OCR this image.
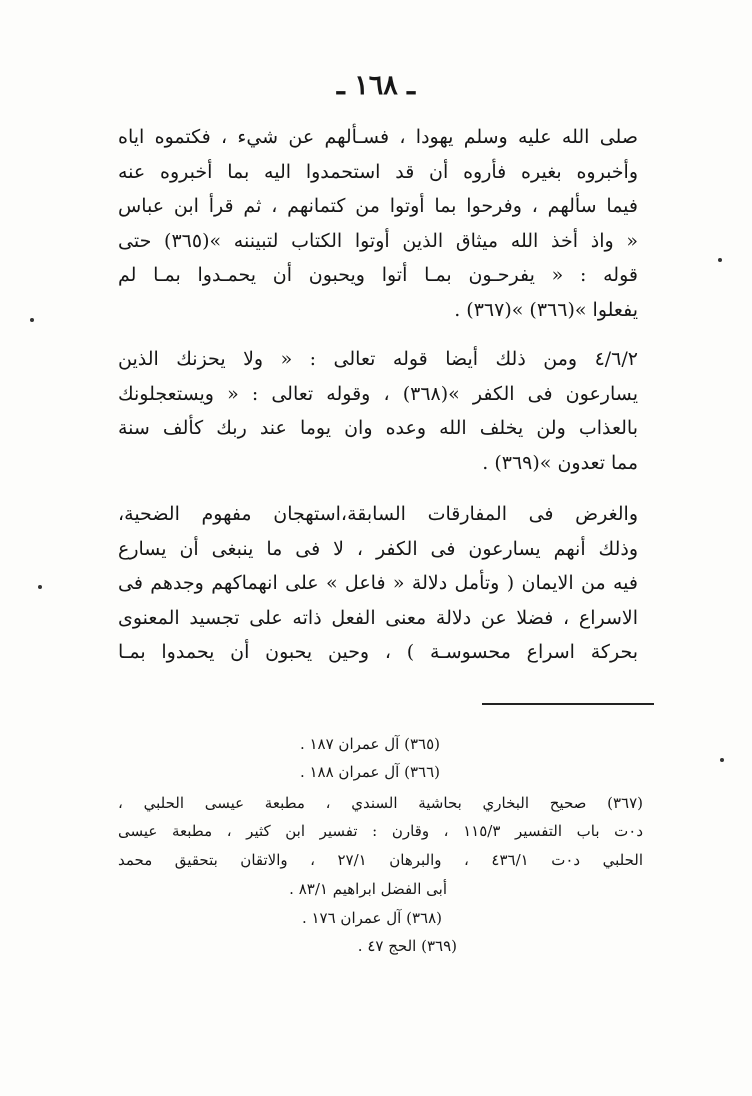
ـ ١٦٨ ـ
صلى الله عليه وسلم يهودا ، فسـألهم عن شيء ، فكتموه اياه
وأخبروه بغيره فأروه أن قد استحمدوا اليه بما أخبروه عنه
فيما سألهم ، وفرحوا بما أوتوا من كتمانهم ، ثم قرأ ابن عباس
« واذ أخذ الله ميثاق الذين أوتوا الكتاب لتبيننه »(٣٦٥) حتى
قوله : « يفرحـون بمـا أتوا ويحبون أن يحمـدوا بمـا لم
يفعلوا »(٣٦٦) »(٣٦٧) .
٤/٦/٢ ومن ذلك أيضا قوله تعالى : « ولا يحزنك الذين
يسارعون فى الكفر »(٣٦٨) ، وقوله تعالى : « ويستعجلونك
بالعذاب ولن يخلف الله وعده وان يوما عند ربك كألف سنة
مما تعدون »(٣٦٩) .
والغرض فى المفارقات السابقة،استهجان مفهوم الضحية،
وذلك أنهم يسارعون فى الكفر ، لا فى ما ينبغى أن يسارع
فيه من الايمان ( وتأمل دلالة « فاعل » على انهماكهم وجدهم فى
الاسراع ، فضلا عن دلالة معنى الفعل ذاته على تجسيد المعنوى
بحركة اسراع محسوسـة ) ، وحين يحبون أن يحمدوا بمـا
(٣٦٥) آل عمران ١٨٧ .
(٣٦٦) آل عمران ١٨٨ .
(٣٦٧) صحيح البخاري بحاشية السندي ، مطبعة عيسى الحلبي ،
د٠ت باب التفسير ١١٥/٣ ، وقارن : تفسير ابن كثير ، مطبعة عيسى
الحلبي د٠ت ٤٣٦/١ ، والبرهان ٢٧/١ ، والاتقان بتحقيق محمد
أبى الفضل ابراهيم ٨٣/١ .
(٣٦٨) آل عمران ١٧٦ .
(٣٦٩) الحج ٤٧ .
